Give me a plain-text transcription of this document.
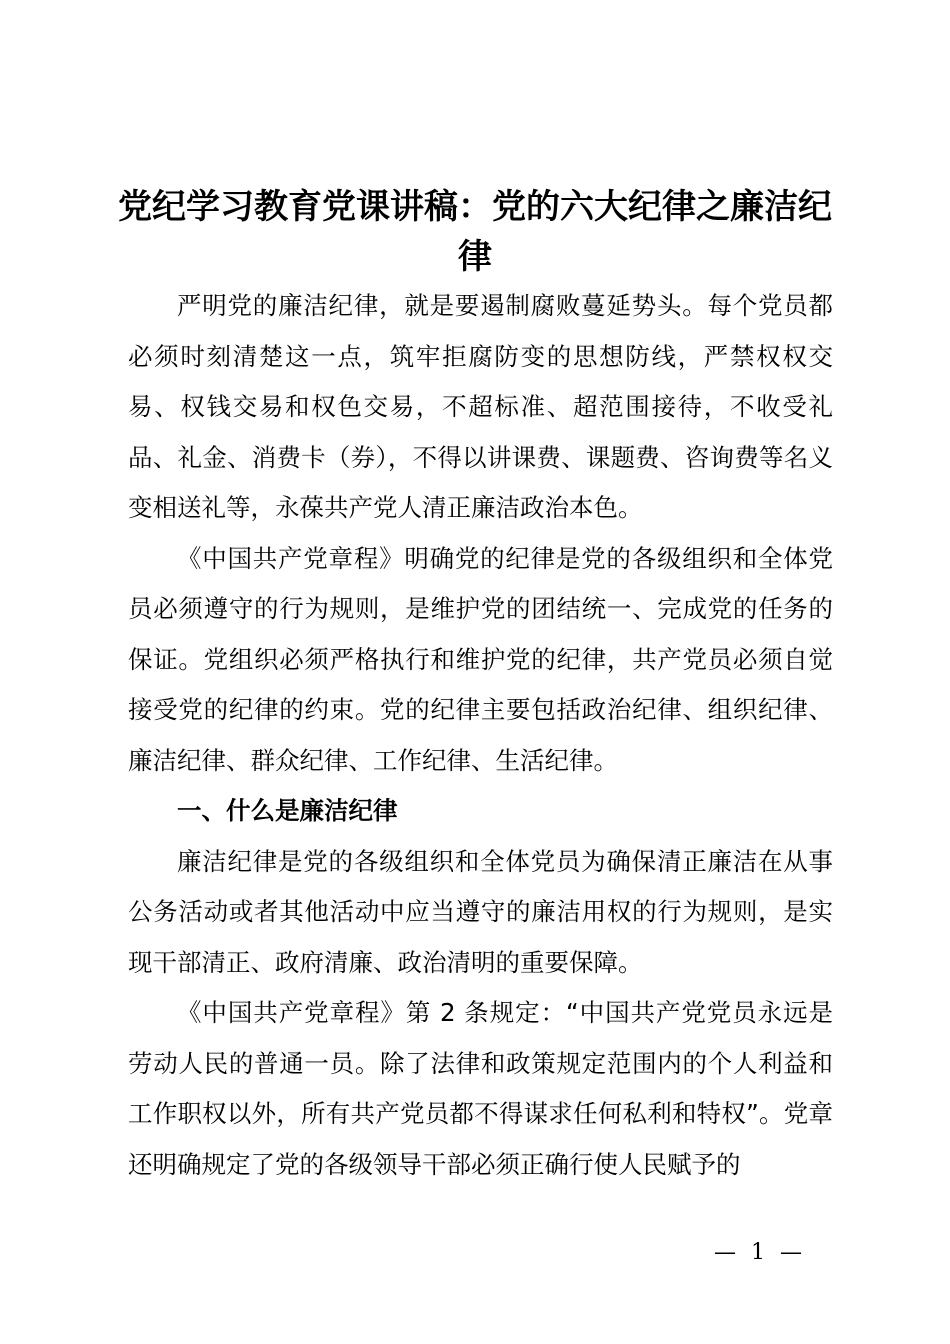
党纪学习教育党课讲稿：党的六大纪律之廉洁纪律

严明党的廉洁纪律，就是要遏制腐败蔓延势头。每个党员都必须时刻清楚这一点，筑牢拒腐防变的思想防线，严禁权权交易、权钱交易和权色交易，不超标准、超范围接待，不收受礼品、礼金、消费卡（券），不得以讲课费、课题费、咨询费等名义变相送礼等，永葆共产党人清正廉洁政治本色。

《中国共产党章程》明确党的纪律是党的各级组织和全体党员必须遵守的行为规则，是维护党的团结统一、完成党的任务的保证。党组织必须严格执行和维护党的纪律，共产党员必须自觉接受党的纪律的约束。党的纪律主要包括政治纪律、组织纪律、廉洁纪律、群众纪律、工作纪律、生活纪律。

一、什么是廉洁纪律

廉洁纪律是党的各级组织和全体党员为确保清正廉洁在从事公务活动或者其他活动中应当遵守的廉洁用权的行为规则，是实现干部清正、政府清廉、政治清明的重要保障。

《中国共产党章程》第 2 条规定：“中国共产党党员永远是劳动人民的普通一员。除了法律和政策规定范围内的个人利益和工作职权以外，所有共产党员都不得谋求任何私利和特权”。党章还明确规定了党的各级领导干部必须正确行使人民赋予的

— 1 —
